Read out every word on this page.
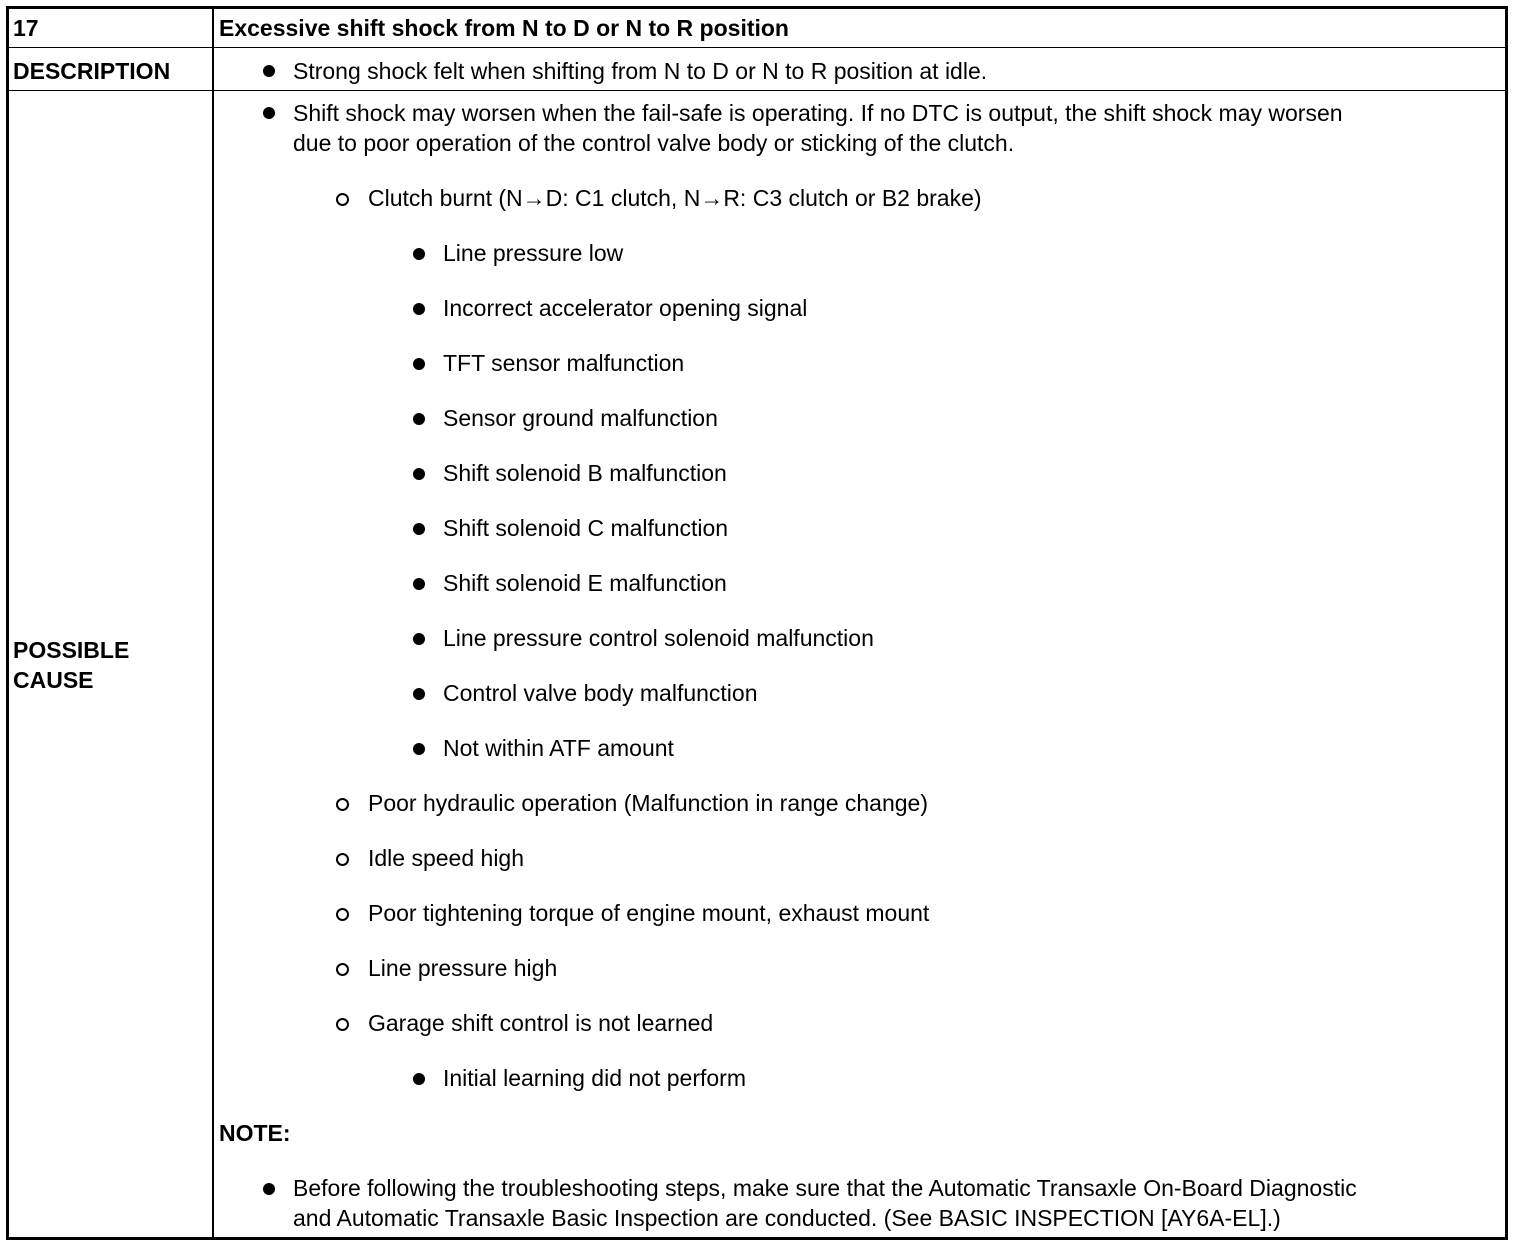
17	Excessive shift shock from N to D or N to R position
DESCRIPTION	Strong shock felt when shifting from N to D or N to R position at idle.
POSSIBLE
CAUSE
Shift shock may worsen when the fail-safe is operating. If no DTC is output, the shift shock may worsen
due to poor operation of the control valve body or sticking of the clutch.
Clutch burnt (N→D: C1 clutch, N→R: C3 clutch or B2 brake)
Line pressure low
Incorrect accelerator opening signal
TFT sensor malfunction
Sensor ground malfunction
Shift solenoid B malfunction
Shift solenoid C malfunction
Shift solenoid E malfunction
Line pressure control solenoid malfunction
Control valve body malfunction
Not within ATF amount
Poor hydraulic operation (Malfunction in range change)
Idle speed high
Poor tightening torque of engine mount, exhaust mount
Line pressure high
Garage shift control is not learned
Initial learning did not perform
NOTE:
Before following the troubleshooting steps, make sure that the Automatic Transaxle On-Board Diagnostic
and Automatic Transaxle Basic Inspection are conducted. (See BASIC INSPECTION [AY6A-EL].)
